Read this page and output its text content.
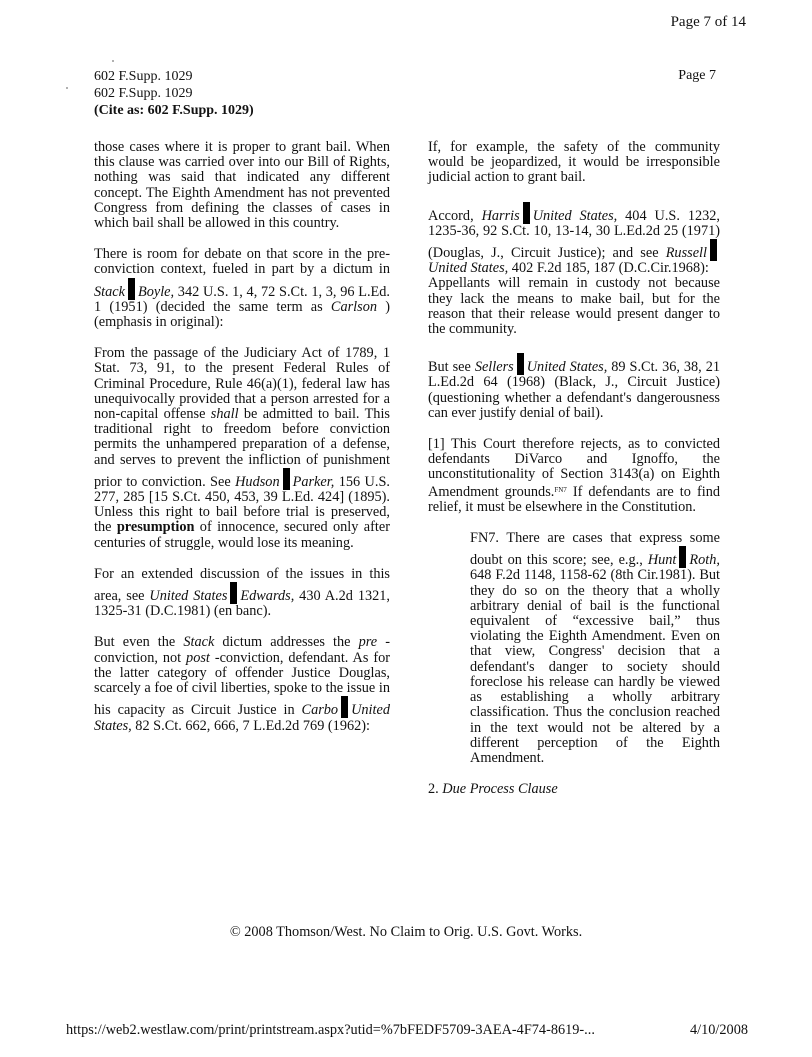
Page 7 of 14
602 F.Supp. 1029
602 F.Supp. 1029
(Cite as: 602 F.Supp. 1029)
Page 7

those cases where it is proper to grant bail. When this clause was carried over into our Bill of Rights, nothing was said that indicated any different concept. The Eighth Amendment has not prevented Congress from defining the classes of cases in which bail shall be allowed in this country.

There is room for debate on that score in the pre-conviction context, fueled in part by a dictum in Stack Boyle, 342 U.S. 1, 4, 72 S.Ct. 1, 3, 96 L.Ed. 1 (1951) (decided the same term as Carlson ) (emphasis in original):

From the passage of the Judiciary Act of 1789, 1 Stat. 73, 91, to the present Federal Rules of Criminal Procedure, Rule 46(a)(1), federal law has unequivocally provided that a person arrested for a non-capital offense shall be admitted to bail. This traditional right to freedom before conviction permits the unhampered preparation of a defense, and serves to prevent the infliction of punishment prior to conviction. See Hudson Parker, 156 U.S. 277, 285 [15 S.Ct. 450, 453, 39 L.Ed. 424] (1895). Unless this right to bail before trial is preserved, the presumption of innocence, secured only after centuries of struggle, would lose its meaning.

For an extended discussion of the issues in this area, see United States Edwards, 430 A.2d 1321, 1325-31 (D.C.1981) (en banc).

But even the Stack dictum addresses the pre -conviction, not post -conviction, defendant. As for the latter category of offender Justice Douglas, scarcely a foe of civil liberties, spoke to the issue in his capacity as Circuit Justice in Carbo United States, 82 S.Ct. 662, 666, 7 L.Ed.2d 769 (1962):

If, for example, the safety of the community would be jeopardized, it would be irresponsible judicial action to grant bail.

Accord, Harris United States, 404 U.S. 1232, 1235-36, 92 S.Ct. 10, 13-14, 30 L.Ed.2d 25 (1971) (Douglas, J., Circuit Justice); and see RussellUnited States, 402 F.2d 185, 187 (D.C.Cir.1968):
Appellants will remain in custody not because they lack the means to make bail, but for the reason that their release would present danger to the community.

But see Sellers United States, 89 S.Ct. 36, 38, 21 L.Ed.2d 64 (1968) (Black, J., Circuit Justice) (questioning whether a defendant's dangerousness can ever justify denial of bail).

[1] This Court therefore rejects, as to convicted defendants DiVarco and Ignoffo, the unconstitutionality of Section 3143(a) on Eighth Amendment grounds.$^{FN7}$ If defendants are to find relief, it must be elsewhere in the Constitution.

FN7. There are cases that express some doubt on this score; see, e.g., Hunt Roth, 648 F.2d 1148, 1158-62 (8th Cir.1981). But they do so on the theory that a wholly arbitrary denial of bail is the functional equivalent of “excessive bail,” thus violating the Eighth Amendment. Even on that view, Congress' decision that a defendant's danger to society should foreclose his release can hardly be viewed as establishing a wholly arbitrary classification. Thus the conclusion reached in the text would not be altered by a different perception of the Eighth Amendment.

2. Due Process Clause

© 2008 Thomson/West. No Claim to Orig. U.S. Govt. Works.
https://web2.westlaw.com/print/printstream.aspx?utid=%7bFEDF5709-3AEA-4F74-8619-...	4/10/2008
